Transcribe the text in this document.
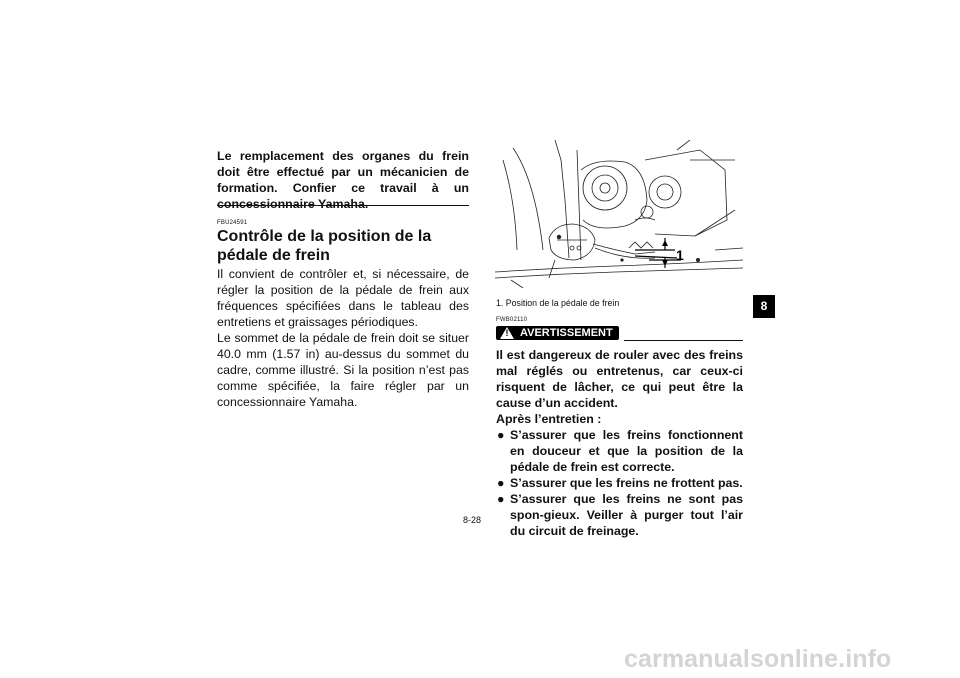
Le remplacement des organes du frein doit être effectué par un mécanicien de formation. Confier ce travail à un concessionnaire Yamaha.
FBU24591
Contrôle de la position de la pédale de frein

Il convient de contrôler et, si nécessaire, de régler la position de la pédale de frein aux fréquences spécifiées dans le tableau des entretiens et graissages périodiques.

Le sommet de la pédale de frein doit se situer 40.0 mm (1.57 in) au-dessus du sommet du cadre, comme illustré. Si la position n’est pas comme spécifiée, la faire régler par un concessionnaire Yamaha.

1
1. Position de la pédale de frein
FWB02110
! AVERTISSEMENT

Il est dangereux de rouler avec des freins mal réglés ou entretenus, car ceux-ci risquent de lâcher, ce qui peut être la cause d’un accident.

Après l’entretien :

● S’assurer que les freins fonctionnent en douceur et que la position de la pédale de frein est correcte.
● S’assurer que les freins ne frottent pas.
● S’assurer que les freins ne sont pas spon-gieux. Veiller à purger tout l’air du circuit de freinage.
8-28
8
carmanualsonline.info
